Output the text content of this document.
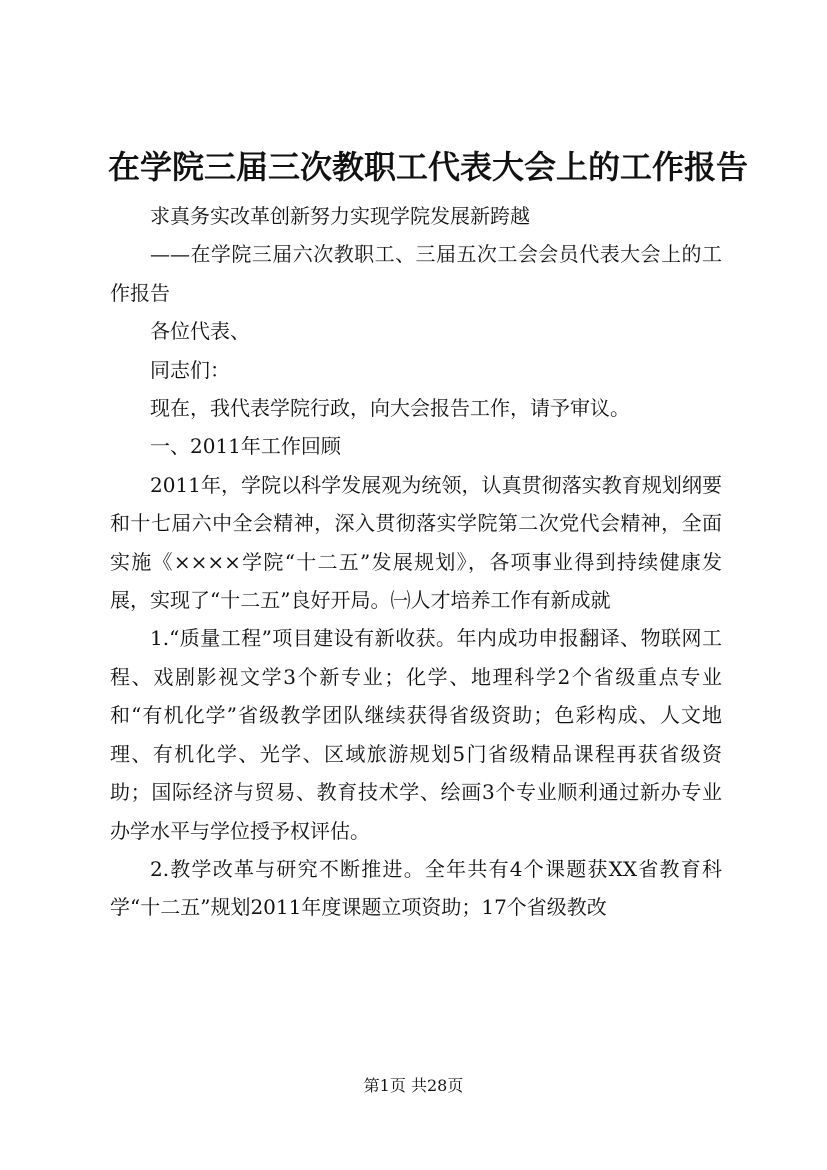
在学院三届三次教职工代表大会上的工作报告

求真务实改革创新努力实现学院发展新跨越

——在学院三届六次教职工、三届五次工会会员代表大会上的工作报告

各位代表、

同志们：

现在，我代表学院行政，向大会报告工作，请予审议。

一、2011年工作回顾

2011年，学院以科学发展观为统领，认真贯彻落实教育规划纲要和十七届六中全会精神，深入贯彻落实学院第二次党代会精神，全面实施《××××学院“十二五”发展规划》，各项事业得到持续健康发展，实现了“十二五”良好开局。㈠人才培养工作有新成就

1.“质量工程”项目建设有新收获。年内成功申报翻译、物联网工程、戏剧影视文学3个新专业；化学、地理科学2个省级重点专业和“有机化学”省级教学团队继续获得省级资助；色彩构成、人文地理、有机化学、光学、区域旅游规划5门省级精品课程再获省级资助；国际经济与贸易、教育技术学、绘画3个专业顺利通过新办专业办学水平与学位授予权评估。

2.教学改革与研究不断推进。全年共有4个课题获XX省教育科学“十二五”规划2011年度课题立项资助；17个省级教改

第1页 共28页
